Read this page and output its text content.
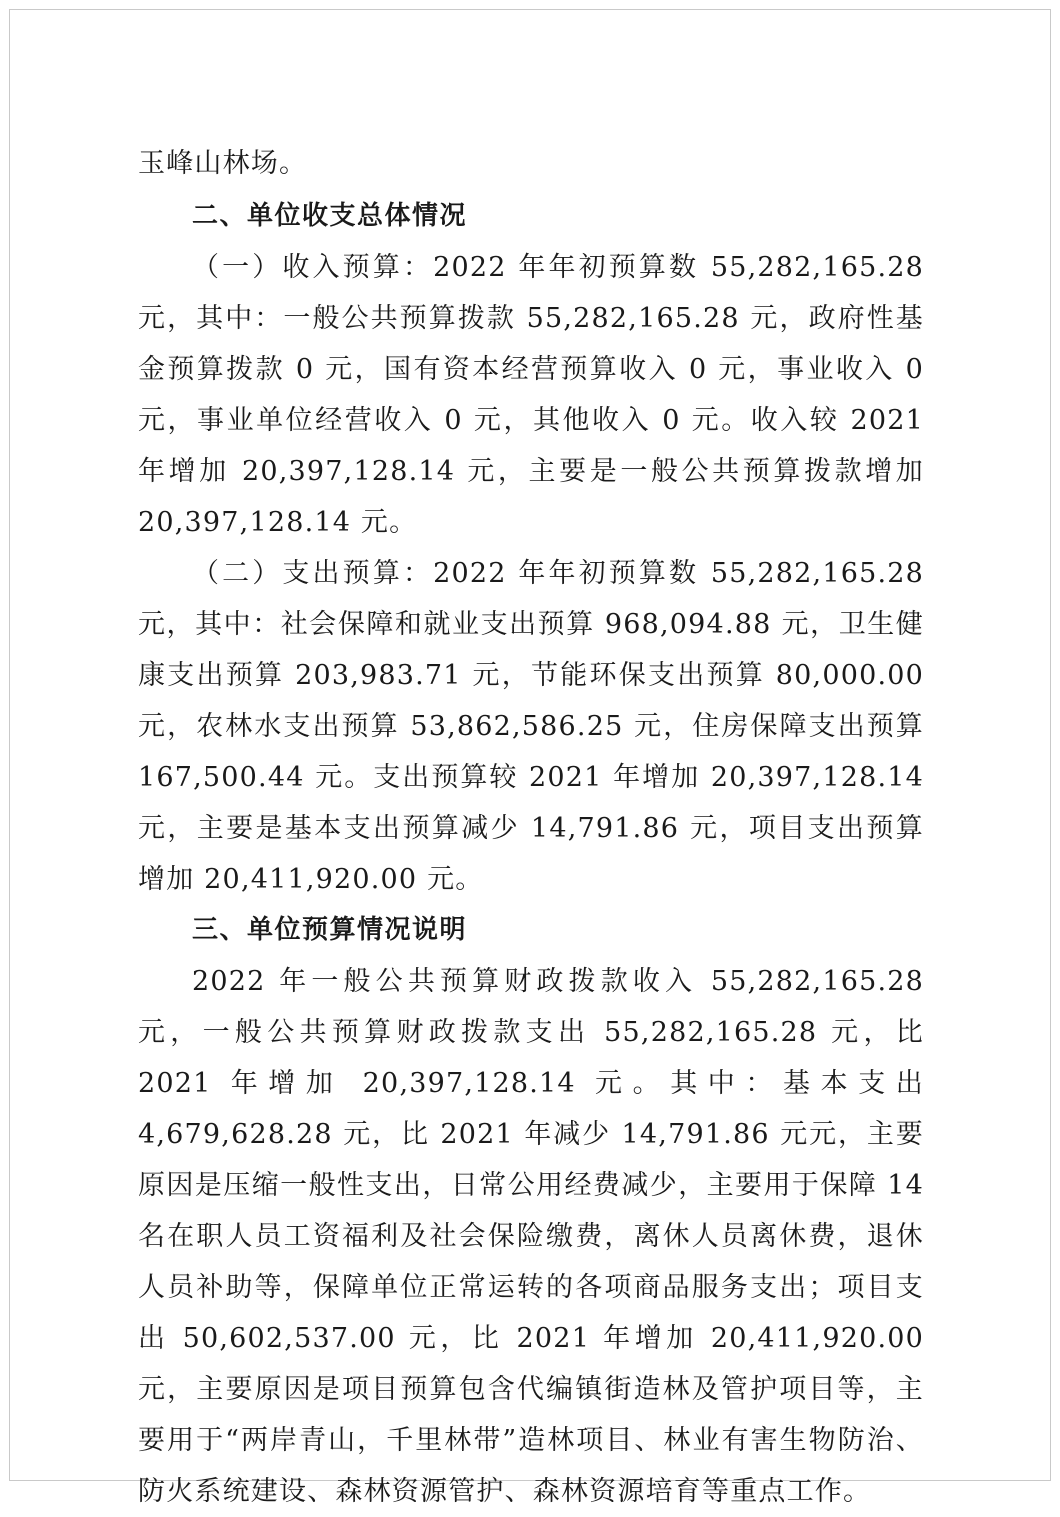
玉峰山林场。

二、单位收支总体情况

（一）收入预算：2022 年年初预算数 55,282,165.28 元，其中：一般公共预算拨款 55,282,165.28 元，政府性基金预算拨款 0 元，国有资本经营预算收入 0 元，事业收入 0 元，事业单位经营收入 0 元，其他收入 0 元。收入较 2021 年增加 20,397,128.14 元，主要是一般公共预算拨款增加 20,397,128.14 元。

（二）支出预算：2022 年年初预算数 55,282,165.28 元，其中：社会保障和就业支出预算 968,094.88 元，卫生健康支出预算 203,983.71 元，节能环保支出预算 80,000.00 元，农林水支出预算 53,862,586.25 元，住房保障支出预算 167,500.44 元。支出预算较 2021 年增加 20,397,128.14 元，主要是基本支出预算减少 14,791.86 元，项目支出预算增加 20,411,920.00 元。

三、单位预算情况说明

2022 年一般公共预算财政拨款收入 55,282,165.28 元，一般公共预算财政拨款支出 55,282,165.28 元，比 2021 年增加 20,397,128.14 元。其中：基本支出 4,679,628.28 元，比 2021 年减少 14,791.86 元元，主要原因是压缩一般性支出，日常公用经费减少，主要用于保障 14 名在职人员工资福利及社会保险缴费，离休人员离休费，退休人员补助等，保障单位正常运转的各项商品服务支出；项目支出 50,602,537.00 元，比 2021 年增加 20,411,920.00 元，主要原因是项目预算包含代编镇街造林及管护项目等，主要用于“两岸青山，千里林带”造林项目、林业有害生物防治、防火系统建设、森林资源管护、森林资源培育等重点工作。
